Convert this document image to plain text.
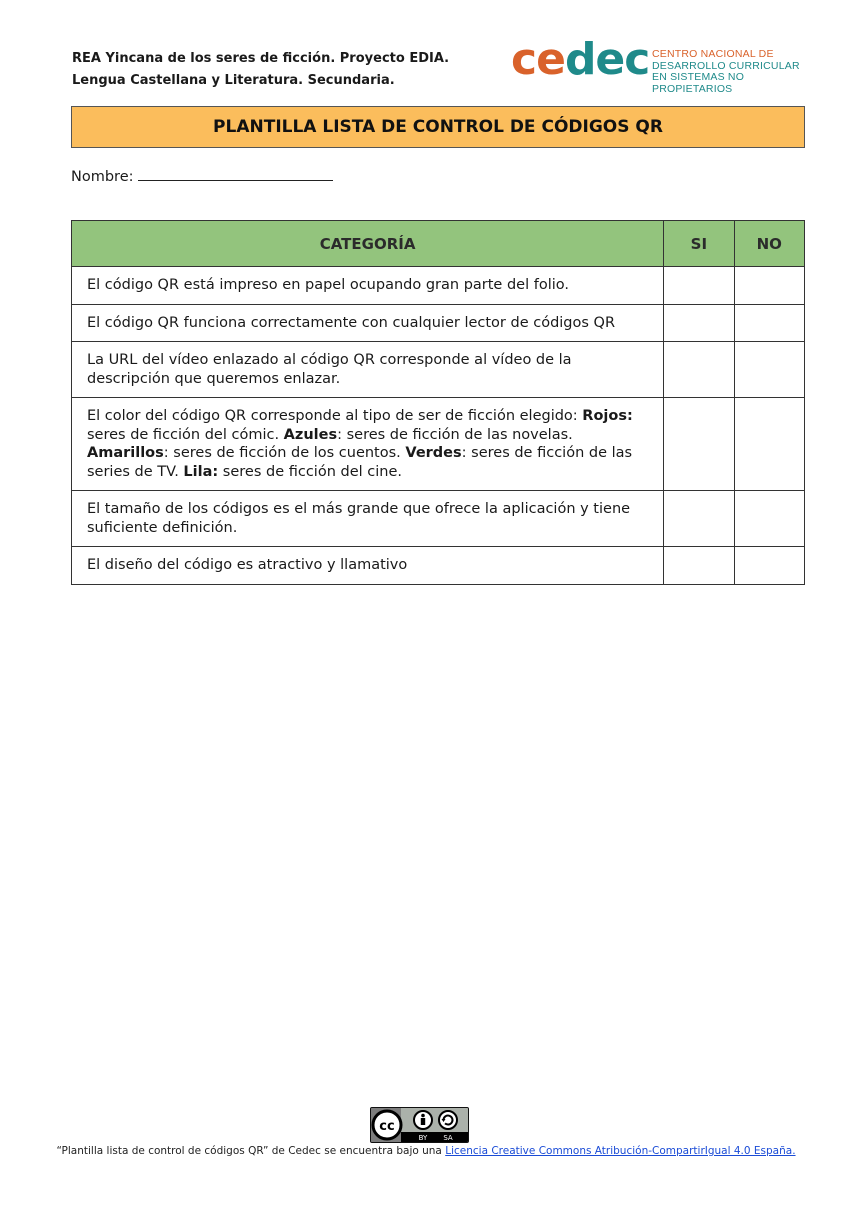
REA Yincana de los seres de ficción. Proyecto EDIA.
Lengua Castellana y Literatura. Secundaria.	cedec CENTRO NACIONAL DE
DESARROLLO CURRICULAR
EN SISTEMAS NO PROPIETARIOS
PLANTILLA LISTA DE CONTROL DE CÓDIGOS QR
Nombre:
CATEGORÍA	SI	NO
El código QR está impreso en papel ocupando gran parte del folio.		
El código QR funciona correctamente con cualquier lector de códigos QR		
La URL del vídeo enlazado al código QR corresponde al vídeo de la descripción que queremos enlazar.		
El color del código QR corresponde al tipo de ser de ficción elegido: Rojos: seres de ficción del cómic. Azules: seres de ficción de las novelas. Amarillos: seres de ficción de los cuentos. Verdes: seres de ficción de las series de TV. Lila: seres de ficción del cine.		
El tamaño de los códigos es el más grande que ofrece la aplicación y tiene suficiente definición.		
El diseño del código es atractivo y llamativo		
cc
BY SA
“Plantilla lista de control de códigos QR” de Cedec se encuentra bajo una Licencia Creative Commons Atribución-CompartirIgual 4.0 España.
